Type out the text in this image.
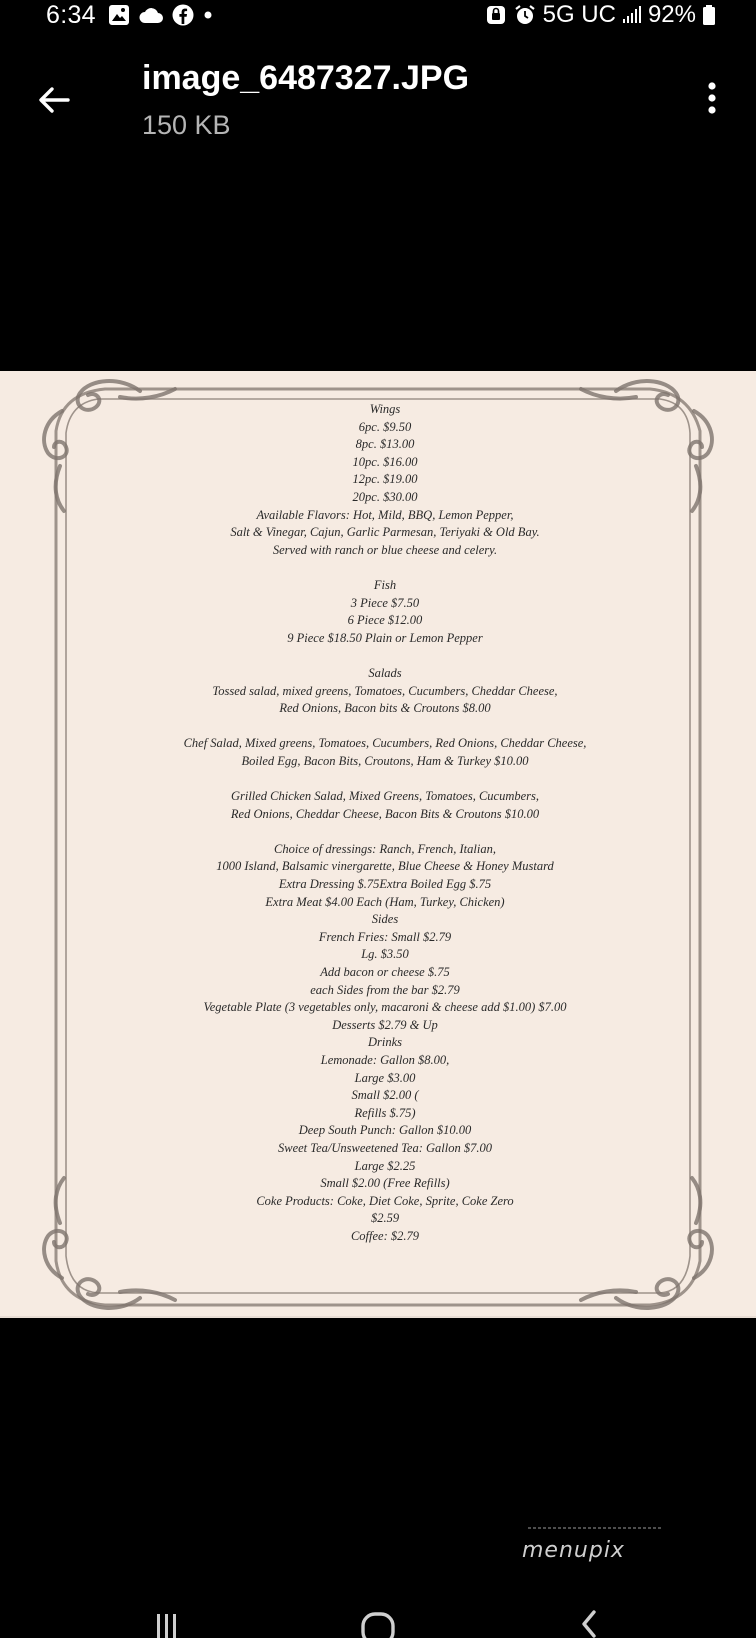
6:34	5G UC 92%
image_6487327.JPG
150 KB
Wings
6pc. $9.50
8pc. $13.00
10pc. $16.00
12pc. $19.00
20pc. $30.00
Available Flavors: Hot, Mild, BBQ, Lemon Pepper,
Salt & Vinegar, Cajun, Garlic Parmesan, Teriyaki & Old Bay.
Served with ranch or blue cheese and celery.
Fish
3 Piece $7.50
6 Piece $12.00
9 Piece $18.50 Plain or Lemon Pepper
Salads
Tossed salad, mixed greens, Tomatoes, Cucumbers, Cheddar Cheese,
Red Onions, Bacon bits & Croutons $8.00
Chef Salad, Mixed greens, Tomatoes, Cucumbers, Red Onions, Cheddar Cheese,
Boiled Egg, Bacon Bits, Croutons, Ham & Turkey $10.00
Grilled Chicken Salad, Mixed Greens, Tomatoes, Cucumbers,
Red Onions, Cheddar Cheese, Bacon Bits & Croutons $10.00
Choice of dressings: Ranch, French, Italian,
1000 Island, Balsamic vinergarette, Blue Cheese & Honey Mustard
Extra Dressing $.75Extra Boiled Egg $.75
Extra Meat $4.00 Each (Ham, Turkey, Chicken)
Sides
French Fries: Small $2.79
Lg. $3.50
Add bacon or cheese $.75
each Sides from the bar $2.79
Vegetable Plate (3 vegetables only, macaroni & cheese add $1.00) $7.00
Desserts $2.79 & Up
Drinks
Lemonade: Gallon $8.00,
Large $3.00
Small $2.00 (
Refills $.75)
Deep South Punch: Gallon $10.00
Sweet Tea/Unsweetened Tea: Gallon $7.00
Large $2.25
Small $2.00 (Free Refills)
Coke Products: Coke, Diet Coke, Sprite, Coke Zero
$2.59
Coffee: $2.79
menupix
